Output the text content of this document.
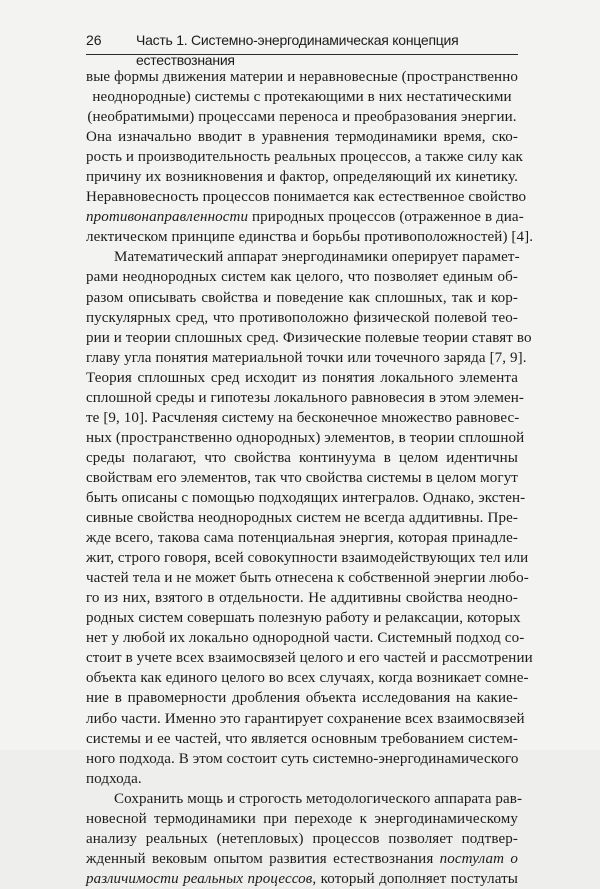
26 Часть 1. Системно-энергодинамическая концепция естествознания
вые формы движения материи и неравновесные (пространственно
неоднородные) системы с протекающими в них нестатическими
(необратимыми) процессами переноса и преобразования энергии.
Она изначально вводит в уравнения термодинамики время, ско-
рость и производительность реальных процессов, а также силу как
причину их возникновения и фактор, определяющий их кинетику.
Неравновесность процессов понимается как естественное свойство
противонаправленности природных процессов (отраженное в диа-
лектическом принципе единства и борьбы противоположностей) [4].
Математический аппарат энергодинамики оперирует парамет-
рами неоднородных систем как целого, что позволяет единым об-
разом описывать свойства и поведение как сплошных, так и кор-
пускулярных сред, что противоположно физической полевой тео-
рии и теории сплошных сред. Физические полевые теории ставят во
главу угла понятия материальной точки или точечного заряда [7, 9].
Теория сплошных сред исходит из понятия локального элемента
сплошной среды и гипотезы локального равновесия в этом элемен-
те [9, 10]. Расчленяя систему на бесконечное множество равновес-
ных (пространственно однородных) элементов, в теории сплошной
среды полагают, что свойства континуума в целом идентичны
свойствам его элементов, так что свойства системы в целом могут
быть описаны с помощью подходящих интегралов. Однако, экстен-
сивные свойства неоднородных систем не всегда аддитивны. Пре-
жде всего, такова сама потенциальная энергия, которая принадле-
жит, строго говоря, всей совокупности взаимодействующих тел или
частей тела и не может быть отнесена к собственной энергии любо-
го из них, взятого в отдельности. Не аддитивны свойства неодно-
родных систем совершать полезную работу и релаксации, которых
нет у любой их локально однородной части. Системный подход со-
стоит в учете всех взаимосвязей целого и его частей и рассмотрении
объекта как единого целого во всех случаях, когда возникает сомне-
ние в правомерности дробления объекта исследования на какие-
либо части. Именно это гарантирует сохранение всех взаимосвязей
системы и ее частей, что является основным требованием систем-
ного подхода. В этом состоит суть системно-энергодинамического
подхода.
Сохранить мощь и строгость методологического аппарата рав-
новесной термодинамики при переходе к энергодинамическому
анализу реальных (нетепловых) процессов позволяет подтвер-
жденный вековым опытом развития естествознания постулат о
различимости реальных процессов, который дополняет постулаты
